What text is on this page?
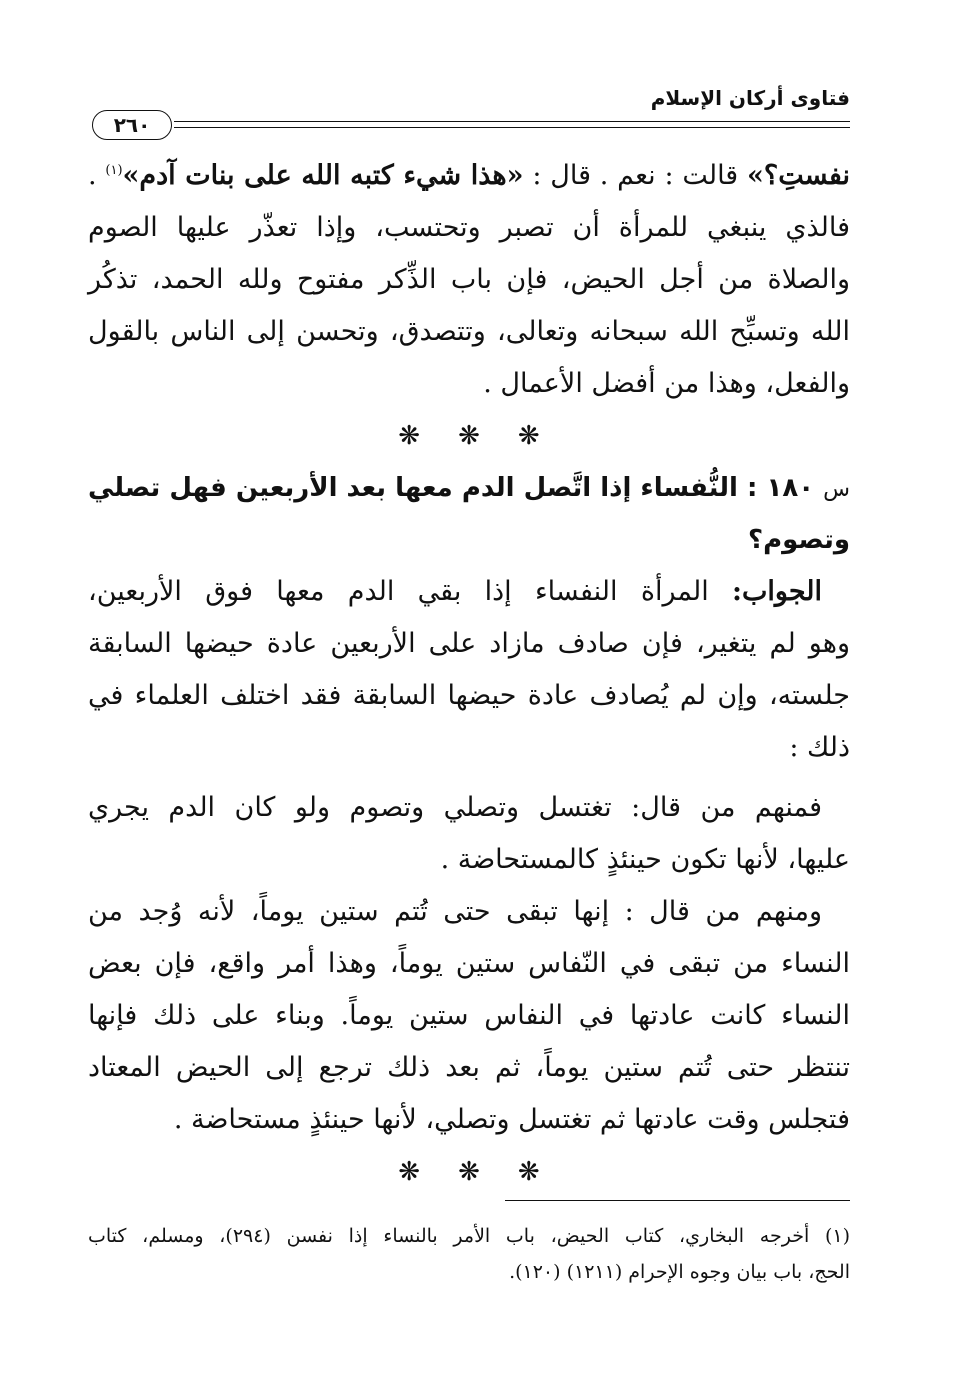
فتاوى أركان الإسلام
٢٦٠
نفستِ؟» قالت : نعم . قال : «هذا شيء كتبه الله على بنات آدم»$^{(١)}$ .
فالذي ينبغي للمرأة أن تصبر وتحتسب، وإذا تعذّر عليها الصوم
والصلاة من أجل الحيض، فإن باب الذِّكر مفتوح ولله الحمد، تذكُر
الله وتسبِّح الله سبحانه وتعالى، وتتصدق، وتحسن إلى الناس بالقول
والفعل، وهذا من أفضل الأعمال .
❋ ❋ ❋
س ١٨٠ : النُّفساء إذا اتَّصل الدم معها بعد الأربعين فهل تصلي
وتصوم؟
الجواب: المرأة النفساء إذا بقي الدم معها فوق الأربعين،
وهو لم يتغير، فإن صادف مازاد على الأربعين عادة حيضها السابقة
جلسته، وإن لم يُصادف عادة حيضها السابقة فقد اختلف العلماء في
ذلك :
فمنهم من قال: تغتسل وتصلي وتصوم ولو كان الدم يجري
عليها، لأنها تكون حينئذٍ كالمستحاضة .
ومنهم من قال : إنها تبقى حتى تُتم ستين يوماً، لأنه وُجد من
النساء من تبقى في النّفاس ستين يوماً، وهذا أمر واقع، فإن بعض
النساء كانت عادتها في النفاس ستين يوماً. وبناء على ذلك فإنها
تنتظر حتى تُتم ستين يوماً، ثم بعد ذلك ترجع إلى الحيض المعتاد
فتجلس وقت عادتها ثم تغتسل وتصلي، لأنها حينئذٍ مستحاضة .
❋ ❋ ❋
(١) أخرجه البخاري، كتاب الحيض، باب الأمر بالنساء إذا نفسن (٢٩٤)، ومسلم، كتاب
الحج، باب بيان وجوه الإحرام (١٢١١) (١٢٠).
